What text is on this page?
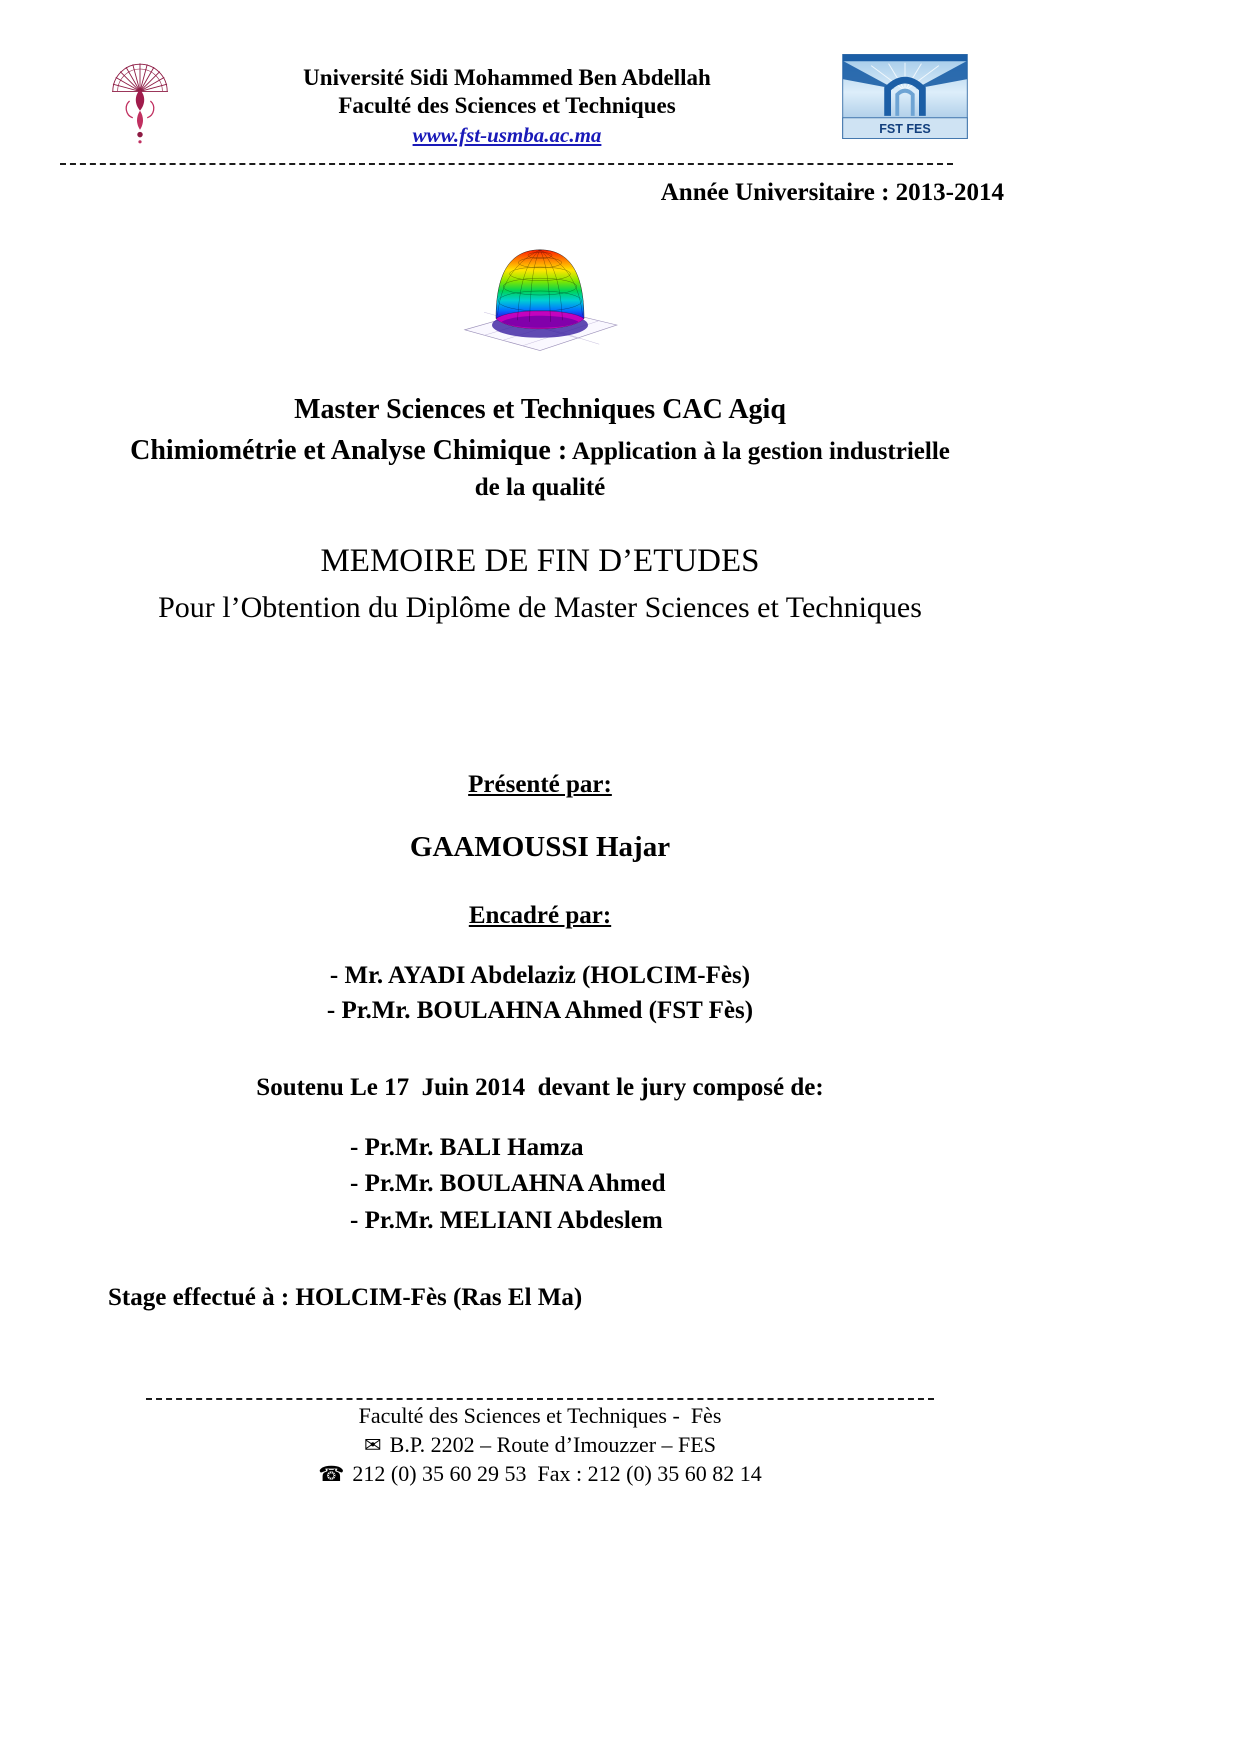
Université Sidi Mohammed Ben Abdellah
Faculté des Sciences et Techniques
www.fst-usmba.ac.ma	FST FES
Année Universitaire : 2013-2014
Master Sciences et Techniques CAC Agiq
Chimiométrie et Analyse Chimique : Application à la gestion industrielle
de la qualité
MEMOIRE DE FIN D’ETUDES
Pour l’Obtention du Diplôme de Master Sciences et Techniques
Présenté par:
GAAMOUSSI Hajar
Encadré par:
- Mr. AYADI Abdelaziz (HOLCIM-Fès)
- Pr.Mr. BOULAHNA Ahmed (FST Fès)
Soutenu Le 17  Juin 2014  devant le jury composé de:
- Pr.Mr. BALI Hamza
- Pr.Mr. BOULAHNA Ahmed
- Pr.Mr. MELIANI Abdeslem
Stage effectué à : HOLCIM-Fès (Ras El Ma)
Faculté des Sciences et Techniques -  Fès
✉ B.P. 2202 – Route d’Imouzzer – FES
☎ 212 (0) 35 60 29 53  Fax : 212 (0) 35 60 82 14
